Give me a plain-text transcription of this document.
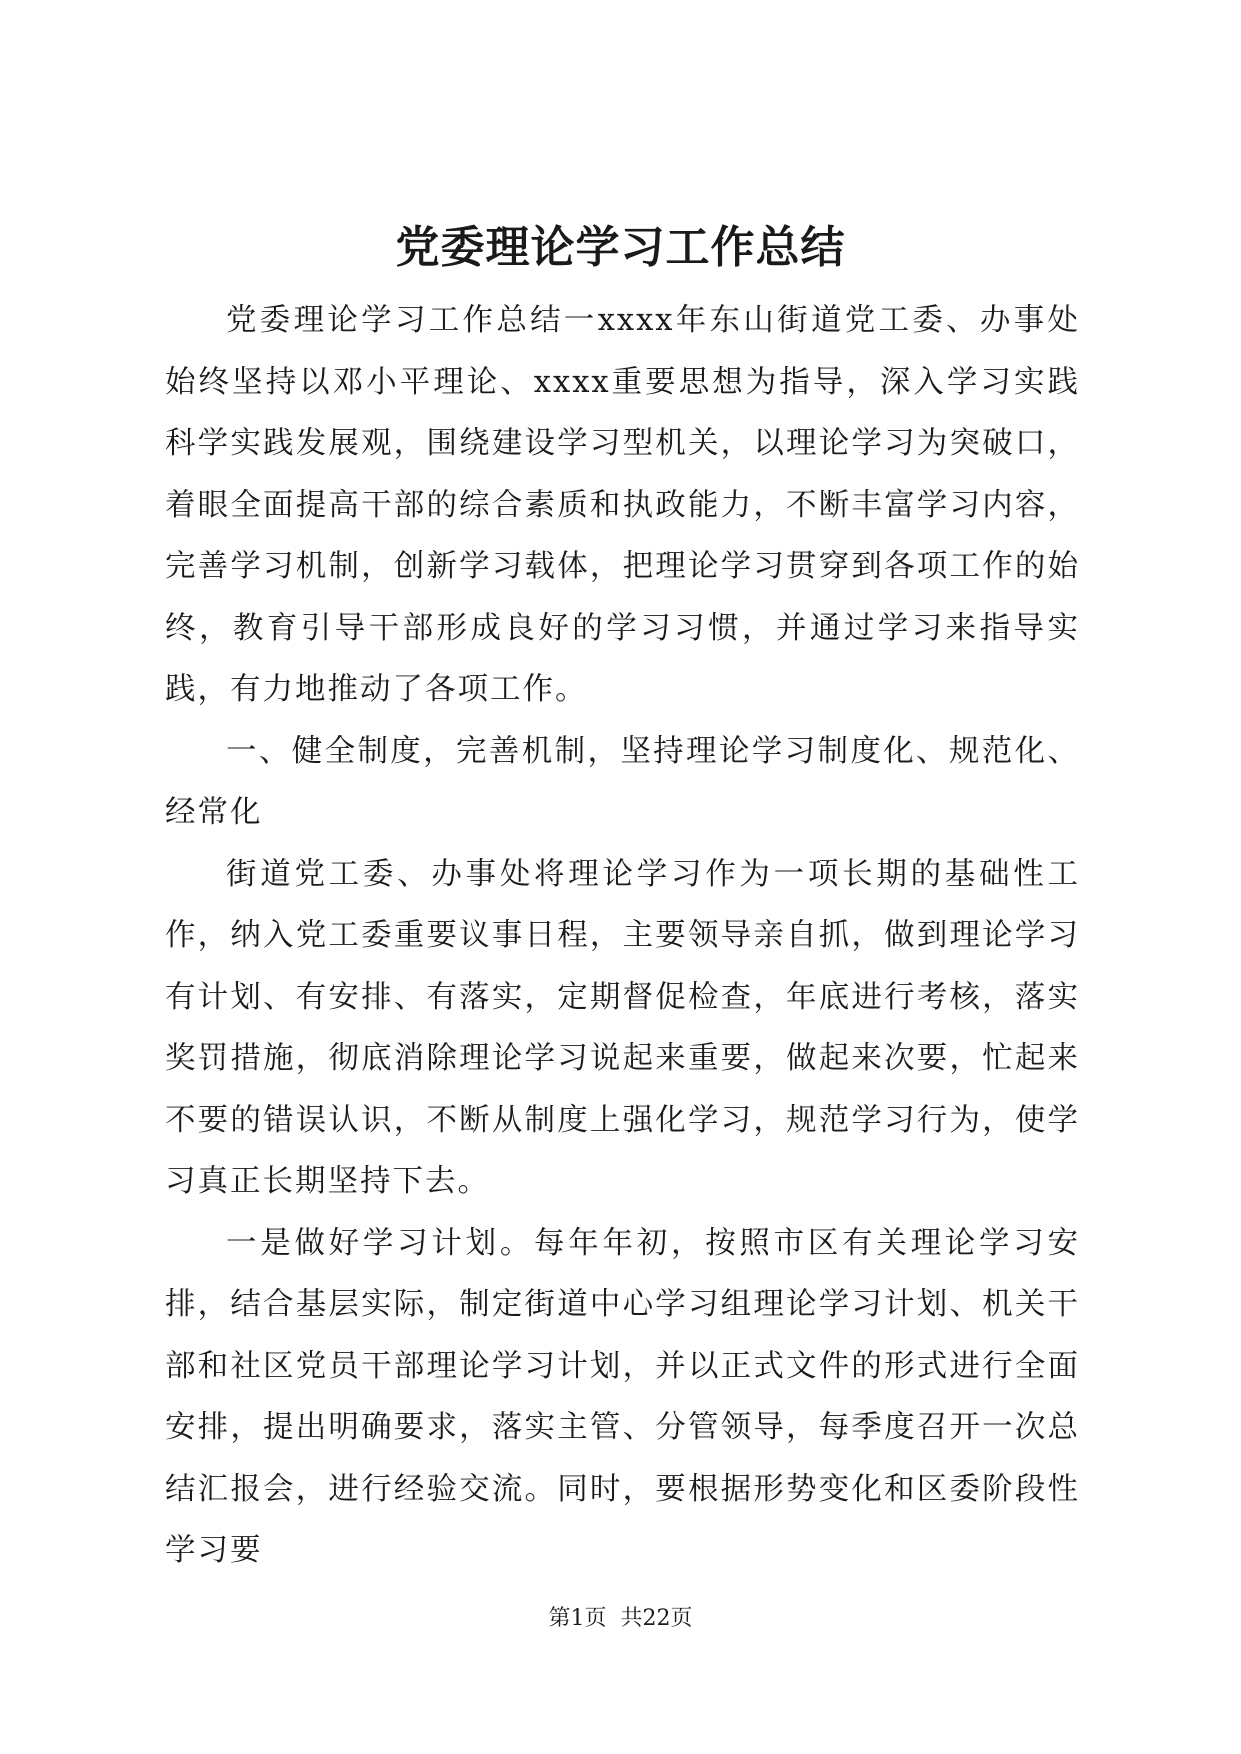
党委理论学习工作总结

党委理论学习工作总结一xxxx年东山街道党工委、办事处始终坚持以邓小平理论、xxxx重要思想为指导，深入学习实践科学实践发展观，围绕建设学习型机关，以理论学习为突破口，着眼全面提高干部的综合素质和执政能力，不断丰富学习内容，完善学习机制，创新学习载体，把理论学习贯穿到各项工作的始终，教育引导干部形成良好的学习习惯，并通过学习来指导实践，有力地推动了各项工作。

一、健全制度，完善机制，坚持理论学习制度化、规范化、经常化

街道党工委、办事处将理论学习作为一项长期的基础性工作，纳入党工委重要议事日程，主要领导亲自抓，做到理论学习有计划、有安排、有落实，定期督促检查，年底进行考核，落实奖罚措施，彻底消除理论学习说起来重要，做起来次要，忙起来不要的错误认识，不断从制度上强化学习，规范学习行为，使学习真正长期坚持下去。

一是做好学习计划。每年年初，按照市区有关理论学习安排，结合基层实际，制定街道中心学习组理论学习计划、机关干部和社区党员干部理论学习计划，并以正式文件的形式进行全面安排，提出明确要求，落实主管、分管领导，每季度召开一次总结汇报会，进行经验交流。同时，要根据形势变化和区委阶段性学习要

第1页  共22页
